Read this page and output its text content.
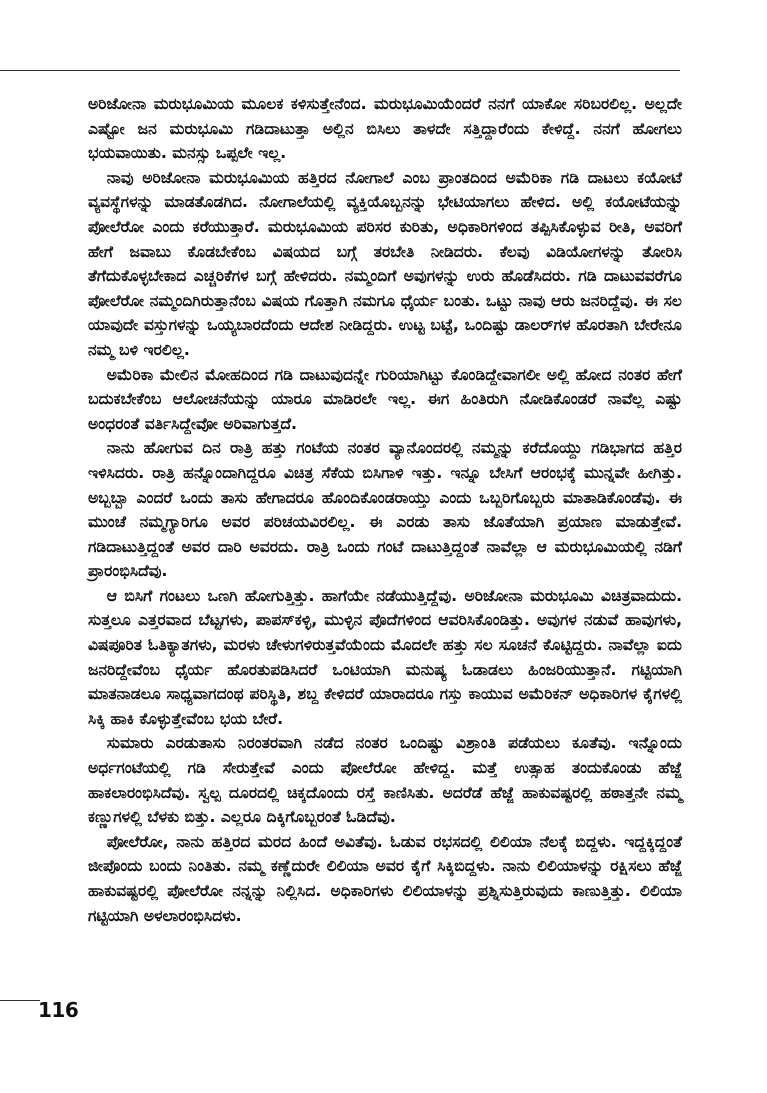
ಅರಿಜೋನಾ ಮರುಭೂಮಿಯ ಮೂಲಕ ಕಳಿಸುತ್ತೇನೆಂದ. ಮರುಭೂಮಿಯೆಂದರೆ ನನಗೆ ಯಾಕೋ ಸರಿಬರಲಿಲ್ಲ. ಅಲ್ಲದೇ ಎಷ್ಟೋ ಜನ ಮರುಭೂಮಿ ಗಡಿದಾಟುತ್ತಾ ಅಲ್ಲಿನ ಬಿಸಿಲು ತಾಳದೇ ಸತ್ತಿದ್ದಾರೆಂದು ಕೇಳಿದ್ದೆ. ನನಗೆ ಹೋಗಲು ಭಯವಾಯಿತು. ಮನಸ್ಸು ಒಪ್ಪಲೇ ಇಲ್ಲ.

ನಾವು ಅರಿಜೋನಾ ಮರುಭೂಮಿಯ ಹತ್ತಿರದ ನೋಗಾಲೆ ಎಂಬ ಪ್ರಾಂತದಿಂದ ಅಮೆರಿಕಾ ಗಡಿ ದಾಟಲು ಕಯೋಟೆ ವ್ಯವಸ್ಥೆಗಳನ್ನು ಮಾಡತೊಡಗಿದ. ನೋಗಾಲೆಯಲ್ಲಿ ವ್ಯಕ್ತಿಯೊಬ್ಬನನ್ನು ಭೇಟಿಯಾಗಲು ಹೇಳಿದ. ಅಲ್ಲಿ ಕಯೋಟೆಯನ್ನು ಪೋಲೆರೋ ಎಂದು ಕರೆಯುತ್ತಾರೆ. ಮರುಭೂಮಿಯ ಪರಿಸರ ಕುರಿತು, ಅಧಿಕಾರಿಗಳಿಂದ ತಪ್ಪಿಸಿಕೊಳ್ಳುವ ರೀತಿ, ಅವರಿಗೆ ಹೇಗೆ ಜವಾಬು ಕೊಡಬೇಕೆಂಬ ವಿಷಯದ ಬಗ್ಗೆ ತರಬೇತಿ ನೀಡಿದರು. ಕೆಲವು ವಿಡಿಯೋಗಳನ್ನು ತೋರಿಸಿ ತೆಗೆದುಕೊಳ್ಳಬೇಕಾದ ಎಚ್ಚರಿಕೆಗಳ ಬಗ್ಗೆ ಹೇಳಿದರು. ನಮ್ಮಂದಿಗೆ ಅವುಗಳನ್ನು ಉರು ಹೊಡೆಸಿದರು. ಗಡಿ ದಾಟುವವರೆಗೂ ಪೋಲೆರೋ ನಮ್ಮಂದಿಗಿರುತ್ತಾನೆಂಬ ವಿಷಯ ಗೊತ್ತಾಗಿ ನಮಗೂ ಧೈರ್ಯ ಬಂತು. ಒಟ್ಟು ನಾವು ಆರು ಜನರಿದ್ದೆವು. ಈ ಸಲ ಯಾವುದೇ ವಸ್ತುಗಳನ್ನು ಒಯ್ಯಬಾರದೆಂದು ಆದೇಶ ನೀಡಿದ್ದರು. ಉಟ್ಟ ಬಟ್ಟೆ, ಒಂದಿಷ್ಟು ಡಾಲರ್‌ಗಳ ಹೊರತಾಗಿ ಬೇರೇನೂ ನಮ್ಮ ಬಳಿ ಇರಲಿಲ್ಲ.

ಅಮೆರಿಕಾ ಮೇಲಿನ ಮೋಹದಿಂದ ಗಡಿ ದಾಟುವುದನ್ನೇ ಗುರಿಯಾಗಿಟ್ಟು ಕೊಂಡಿದ್ದೇವಾಗಲೀ ಅಲ್ಲಿ ಹೋದ ನಂತರ ಹೇಗೆ ಬದುಕಬೇಕೆಂಬ ಆಲೋಚನೆಯನ್ನು ಯಾರೂ ಮಾಡಿರಲೇ ಇಲ್ಲ. ಈಗ ಹಿಂತಿರುಗಿ ನೋಡಿಕೊಂಡರೆ ನಾವೆಲ್ಲ ಎಷ್ಟು ಅಂಧರಂತೆ ವರ್ತಿಸಿದ್ದೇವೋ ಅರಿವಾಗುತ್ತದೆ.

ನಾನು ಹೋಗುವ ದಿನ ರಾತ್ರಿ ಹತ್ತು ಗಂಟೆಯ ನಂತರ ವ್ಯಾನೊಂದರಲ್ಲಿ ನಮ್ಮನ್ನು ಕರೆದೊಯ್ದು ಗಡಿಭಾಗದ ಹತ್ತಿರ ಇಳಿಸಿದರು. ರಾತ್ರಿ ಹನ್ನೊಂದಾಗಿದ್ದರೂ ವಿಚಿತ್ರ ಸೆಕೆಯ ಬಿಸಿಗಾಳಿ ಇತ್ತು. ಇನ್ನೂ ಬೇಸಿಗೆ ಆರಂಭಕ್ಕೆ ಮುನ್ನವೇ ಹೀಗಿತ್ತು. ಅಬ್ಬಬ್ಬಾ ಎಂದರೆ ಒಂದು ತಾಸು ಹೇಗಾದರೂ ಹೊಂದಿಕೊಂಡರಾಯ್ತು ಎಂದು ಒಬ್ಬರಿಗೊಬ್ಬರು ಮಾತಾಡಿಕೊಂಡೆವು. ಈ ಮುಂಚೆ ನಮ್ಮಗ್ಯಾರಿಗೂ ಅವರ ಪರಿಚಯವಿರಲಿಲ್ಲ. ಈ ಎರಡು ತಾಸು ಜೊತೆಯಾಗಿ ಪ್ರಯಾಣ ಮಾಡುತ್ತೇವೆ. ಗಡಿದಾಟುತ್ತಿದ್ದಂತೆ ಅವರ ದಾರಿ ಅವರದು. ರಾತ್ರಿ ಒಂದು ಗಂಟೆ ದಾಟುತ್ತಿದ್ದಂತೆ ನಾವೆಲ್ಲಾ ಆ ಮರುಭೂಮಿಯಲ್ಲಿ ನಡಿಗೆ ಪ್ರಾರಂಭಿಸಿದೆವು.

ಆ ಬಿಸಿಗೆ ಗಂಟಲು ಒಣಗಿ ಹೋಗುತ್ತಿತ್ತು. ಹಾಗೆಯೇ ನಡೆಯುತ್ತಿದ್ದೆವು. ಅರಿಜೋನಾ ಮರುಭೂಮಿ ವಿಚಿತ್ರವಾದುದು. ಸುತ್ತಲೂ ಎತ್ತರವಾದ ಬೆಟ್ಟಗಳು, ಪಾಪಸ್‌ಕಳ್ಳಿ, ಮುಳ್ಳಿನ ಪೊದೆಗಳಿಂದ ಆವರಿಸಿಕೊಂಡಿತ್ತು. ಅವುಗಳ ನಡುವೆ ಹಾವುಗಳು, ವಿಷಪೂರಿತ ಓತಿಕ್ಯಾತಗಳು, ಮರಳು ಚೇಳುಗಳಿರುತ್ತವೆಯೆಂದು ಮೊದಲೇ ಹತ್ತು ಸಲ ಸೂಚನೆ ಕೊಟ್ಟಿದ್ದರು. ನಾವೆಲ್ಲಾ ಐದು ಜನರಿದ್ದೇವೆಂಬ ಧೈರ್ಯ ಹೊರತುಪಡಿಸಿದರೆ ಒಂಟಿಯಾಗಿ ಮನುಷ್ಯ ಓಡಾಡಲು ಹಿಂಜರಿಯುತ್ತಾನೆ. ಗಟ್ಟಿಯಾಗಿ ಮಾತನಾಡಲೂ ಸಾಧ್ಯವಾಗದಂಥ ಪರಿಸ್ಥಿತಿ, ಶಬ್ದ ಕೇಳಿದರೆ ಯಾರಾದರೂ ಗಸ್ತು ಕಾಯುವ ಅಮೆರಿಕನ್ ಅಧಿಕಾರಿಗಳ ಕೈಗಳಲ್ಲಿ ಸಿಕ್ಕಿ ಹಾಕಿ ಕೊಳ್ಳುತ್ತೇವೆಂಬ ಭಯ ಬೇರೆ.

ಸುಮಾರು ಎರಡುತಾಸು ನಿರಂತರವಾಗಿ ನಡೆದ ನಂತರ ಒಂದಿಷ್ಟು ವಿಶ್ರಾಂತಿ ಪಡೆಯಲು ಕೂತೆವು. ಇನ್ನೊಂದು ಅರ್ಧಗಂಟೆಯಲ್ಲಿ ಗಡಿ ಸೇರುತ್ತೇವೆ ಎಂದು ಪೋಲೆರೋ ಹೇಳಿದ್ದ. ಮತ್ತೆ ಉತ್ಸಾಹ ತಂದುಕೊಂಡು ಹೆಜ್ಜೆ ಹಾಕಲಾರಂಭಿಸಿದೆವು. ಸ್ವಲ್ಪ ದೂರದಲ್ಲಿ ಚಿಕ್ಕದೊಂದು ರಸ್ತೆ ಕಾಣಿಸಿತು. ಅದರೆಡೆ ಹೆಜ್ಜೆ ಹಾಕುವಷ್ಟರಲ್ಲಿ ಹಠಾತ್ತನೇ ನಮ್ಮ ಕಣ್ಣುಗಳಲ್ಲಿ ಬೆಳಕು ಬಿತ್ತು. ಎಲ್ಲರೂ ದಿಕ್ಕಿಗೊಬ್ಬರಂತೆ ಓಡಿದೆವು.

ಪೋಲೆರೋ, ನಾನು ಹತ್ತಿರದ ಮರದ ಹಿಂದೆ ಅವಿತೆವು. ಓಡುವ ರಭಸದಲ್ಲಿ ಲಿಲಿಯಾ ನೆಲಕ್ಕೆ ಬಿದ್ದಳು. ಇದ್ದಕ್ಕಿದ್ದಂತೆ ಜೀಪೊಂದು ಬಂದು ನಿಂತಿತು. ನಮ್ಮ ಕಣ್ಣೆದುರೇ ಲಿಲಿಯಾ ಅವರ ಕೈಗೆ ಸಿಕ್ಕಿಬಿದ್ದಳು. ನಾನು ಲಿಲಿಯಾಳನ್ನು ರಕ್ಷಿಸಲು ಹೆಜ್ಜೆ ಹಾಕುವಷ್ಟರಲ್ಲಿ ಪೋಲೆರೋ ನನ್ನನ್ನು ನಿಲ್ಲಿಸಿದ. ಅಧಿಕಾರಿಗಳು ಲಿಲಿಯಾಳನ್ನು ಪ್ರಶ್ನಿಸುತ್ತಿರುವುದು ಕಾಣುತ್ತಿತ್ತು. ಲಿಲಿಯಾ ಗಟ್ಟಿಯಾಗಿ ಅಳಲಾರಂಭಿಸಿದಳು.

116
